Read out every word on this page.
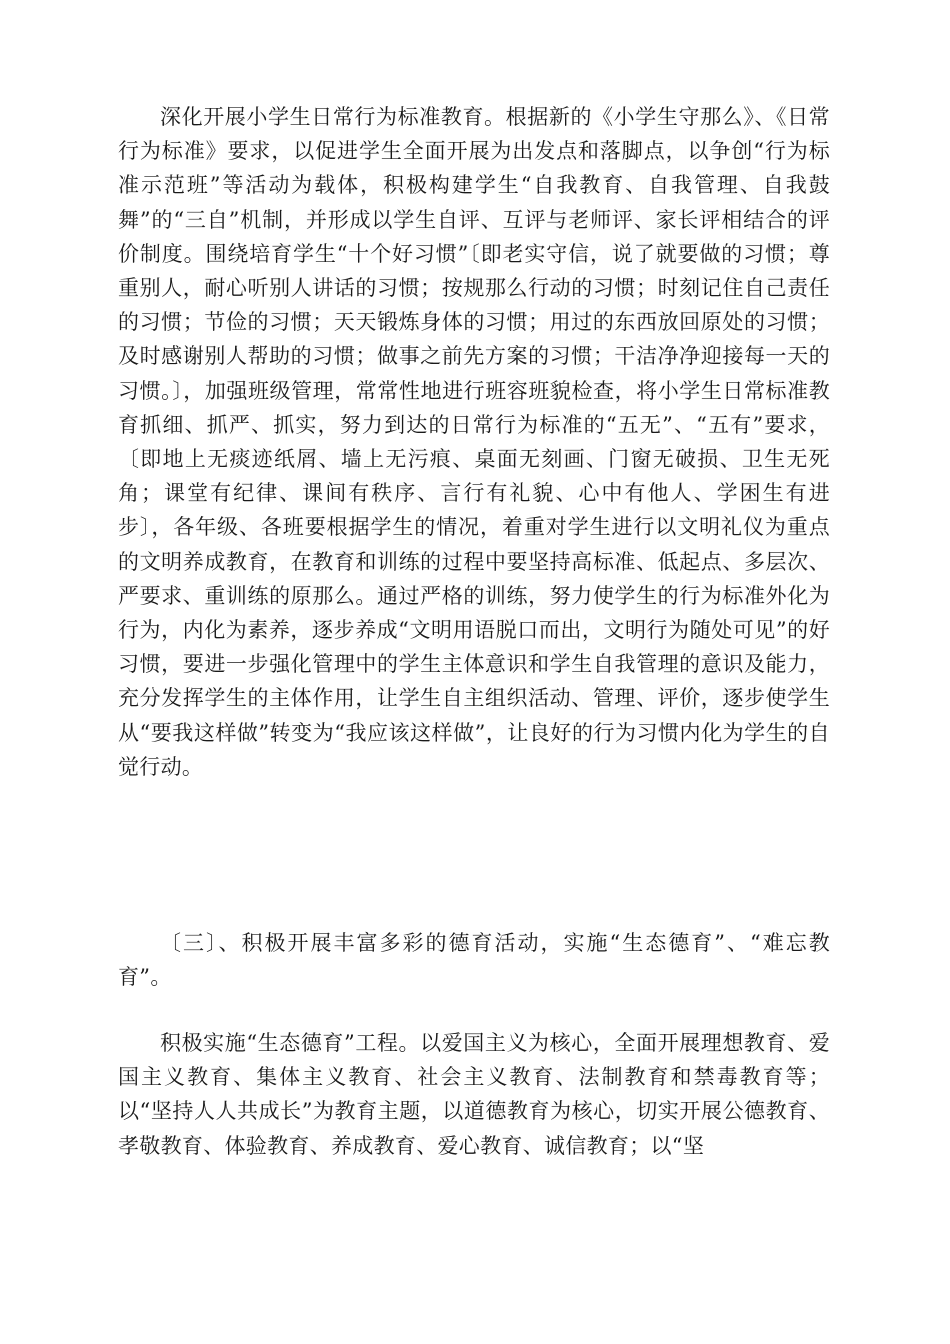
深化开展小学生日常行为标准教育。根据新的《小学生守那么》、《日常行为标准》要求，以促进学生全面开展为出发点和落脚点，以争创“行为标准示范班”等活动为载体，积极构建学生“自我教育、自我管理、自我鼓舞”的“三自”机制，并形成以学生自评、互评与老师评、家长评相结合的评价制度。围绕培育学生“十个好习惯”〔即老实守信，说了就要做的习惯；尊重别人，耐心听别人讲话的习惯；按规那么行动的习惯；时刻记住自己责任的习惯；节俭的习惯；天天锻炼身体的习惯；用过的东西放回原处的习惯；及时感谢别人帮助的习惯；做事之前先方案的习惯；干洁净净迎接每一天的习惯。〕，加强班级管理，常常性地进行班容班貌检查，将小学生日常标准教育抓细、抓严、抓实，努力到达的日常行为标准的“五无”、“五有”要求，〔即地上无痰迹纸屑、墙上无污痕、桌面无刻画、门窗无破损、卫生无死角；课堂有纪律、课间有秩序、言行有礼貌、心中有他人、学困生有进步〕，各年级、各班要根据学生的情况，着重对学生进行以文明礼仪为重点的文明养成教育，在教育和训练的过程中要坚持高标准、低起点、多层次、严要求、重训练的原那么。通过严格的训练，努力使学生的行为标准外化为行为，内化为素养，逐步养成“文明用语脱口而出，文明行为随处可见”的好习惯，要进一步强化管理中的学生主体意识和学生自我管理的意识及能力，充分发挥学生的主体作用，让学生自主组织活动、管理、评价，逐步使学生从“要我这样做”转变为“我应该这样做”，让良好的行为习惯内化为学生的自觉行动。

〔三〕、积极开展丰富多彩的德育活动，实施“生态德育”、“难忘教育”。

积极实施“生态德育”工程。以爱国主义为核心，全面开展理想教育、爱国主义教育、集体主义教育、社会主义教育、法制教育和禁毒教育等；以“坚持人人共成长”为教育主题，以道德教育为核心，切实开展公德教育、孝敬教育、体验教育、养成教育、爱心教育、诚信教育；以“坚
